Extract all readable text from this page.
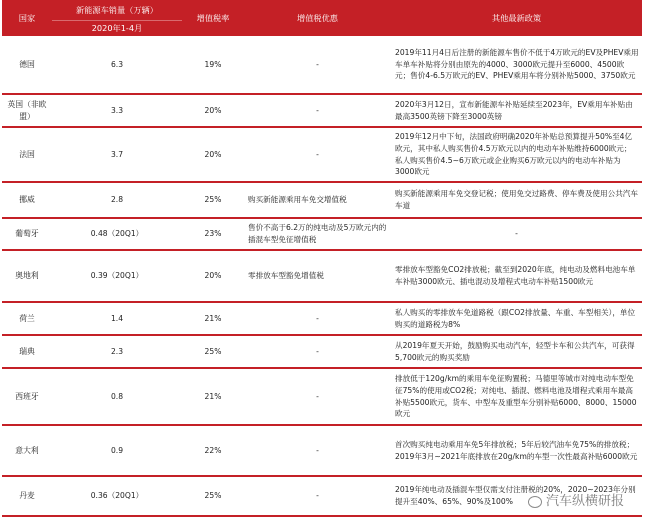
国家	新能源车销量（万辆）	增值税率	增值税优惠	其他最新政策
	2020年1-4月			
德国	6.3	19%	-	2019年11月4日后注册的新能源车售价不低于4万欧元的EV及PHEV乘用车单车补贴将分别由原先的4000、3000欧元提升至6000、4500欧元；售价4-6.5万欧元的EV、PHEV乘用车将分别补贴5000、3750欧元
英国（非欧盟）	3.3	20%	-	2020年3月12日，宣布新能源车补贴延续至2023年，EV乘用车补贴由最高3500英镑下降至3000英镑
法国	3.7	20%	-	2019年12月中下旬，法国政府明确2020年补贴总预算提升50%至4亿欧元，其中私人购买售价4.5万欧元以内的电动车补贴维持6000欧元；私人购买售价4.5~6万欧元或企业购买6万欧元以内的电动车补贴为3000欧元
挪威	2.8	25%	购买新能源乘用车免交增值税	购买新能源乘用车免交登记税；使用免交过路费、停车费及使用公共汽车车道
葡萄牙	0.48（20Q1）	23%	售价不高于6.2万的纯电动及5万欧元内的插混车型免征增值税	-
奥地利	0.39（20Q1）	20%	零排放车型豁免增值税	零排放车型豁免CO2排放税；截至到2020年底，纯电动及燃料电池车单车补贴3000欧元、插电混动及增程式电动车补贴1500欧元
荷兰	1.4	21%	-	私人购买的零排放车免道路税（跟CO2排放量、车重、车型相关），单位购买的道路税为8%
瑞典	2.3	25%	-	从2019年夏天开始，鼓励购买电动汽车，轻型卡车和公共汽车，可获得5,700欧元的购买奖励
西班牙	0.8	21%	-	排放低于120g/km的乘用车免征购置税；马德里等城市对纯电动车型免征75%的使用或CO2税；对纯电、插混、燃料电池及增程式乘用车最高补贴5500欧元，货车、中型车及重型车分别补贴6000、8000、15000欧元
意大利	0.9	22%	-	首次购买纯电动乘用车免5年排放税；5年后较汽油车免75%的排放税；2019年3月~2021年底排放在20g/km的车型一次性最高补贴6000欧元
丹麦	0.36（20Q1）	25%	-	2019年纯电动及插混车型仅需支付注册税的20%，2020~2023年分别提升至40%、65%、90%及100%	汽车纵横研报
